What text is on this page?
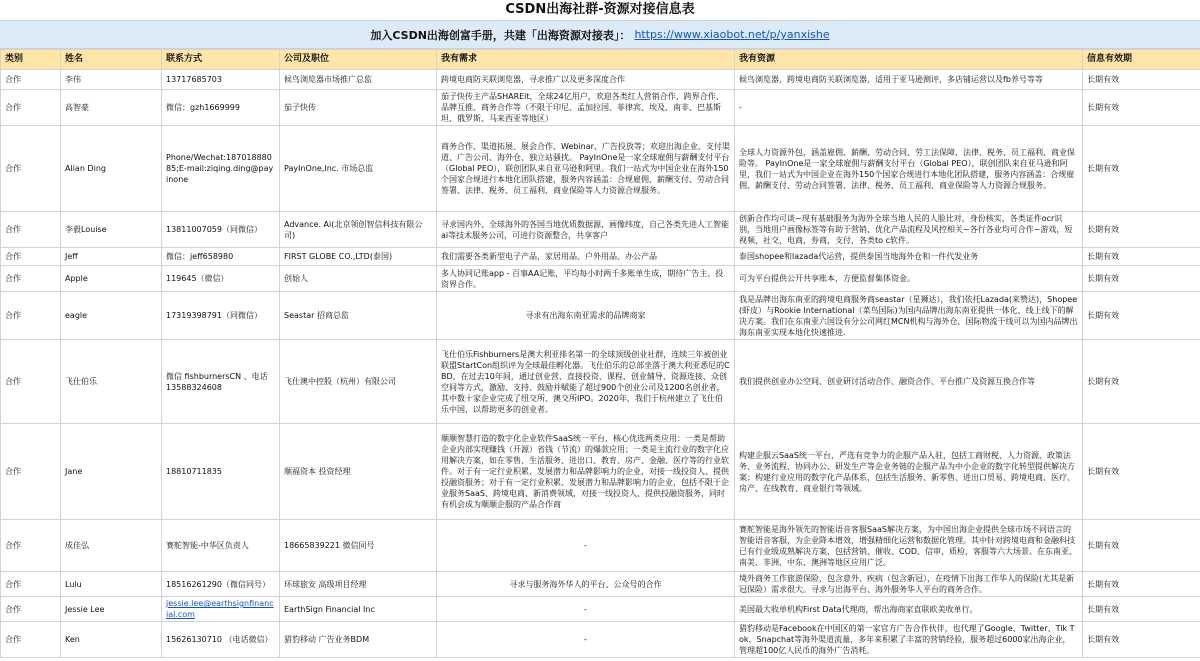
CSDN出海社群-资源对接信息表
加入CSDN出海创富手册，共建「出海资源对接表」： https://www.xiaobot.net/p/yanxishe
类别	姓名	联系方式	公司及职位	我有需求	我有资源	信息有效期
合作	李伟	13717685703	候鸟浏览器市场推广总监	跨境电商防关联浏览器，寻求推广以及更多深度合作	候鸟浏览器，跨境电商防关联浏览器，适用于亚马逊测评，多店铺运营以及fb养号等等	长期有效
合作	高智豪	微信：gzh1669999	茄子快传	茄子快传主产品SHAREit，全球24亿用户，欢迎各类红人营销合作、跨界合作、品牌互推、商务合作等（不限于印尼、孟加拉国、菲律宾、埃及、南非、巴基斯坦、俄罗斯、马来西亚等地区）	-	长期有效
合作	Alian Ding	Phone/Wechat:18701888085;E-mail:ziqing.ding@payinone	PayInOne,Inc. 市场总监	商务合作、渠道拓展、展会合作、Webinar、广告投放等；欢迎出海企业、支付渠道、广告公司、海外仓、独立站骚扰。 PayInOne是一家全球雇佣与薪酬支付平台（Global PEO），联创团队来自亚马逊和阿里。我们一站式为中国企业在海外150个国家合规进行本地化团队搭建，服务内容涵盖：合规雇佣、薪酬支付、劳动合同签署、法律、税务、员工福利、商业保险等人力资源合规服务。	全球人力资源外包，涵盖雇佣、薪酬、劳动合同、劳工法保障、法律、税务、员工福利、商业保险等。 PayInOne是一家全球雇佣与薪酬支付平台（Global PEO），联创团队来自亚马逊和阿里，我们一站式为中国企业在海外150个国家合规进行本地化团队搭建，服务内容涵盖：合规雇佣、薪酬支付、劳动合同签署、法律、税务、员工福利、商业保险等人力资源合规服务。	长期有效
合作	李毅Louise	13811007059（同微信）	Advance. Ai(北京领创智信科技有限公司)	寻求国内外、全球海外的各国当地优质数据源、画像纬度，自己各类先进人工智能ai等技术服务公司，可进行资源整合，共享客户	创新合作均可谈~现有基础服务为海外全球当地人民的人脸比对，身份核实，各类证件ocr识别，当地用户画像标签等有助于营销，优化产品流程及风控相关~各行各业均可合作~游戏，短视频，社交，电商，券商，支付，各类to c软件。	长期有效
合作	Jeff	微信：jeff658980	FIRST GLOBE CO.,LTD(泰国)	我们需要各类新型电子产品，家居用品、户外用品、办公产品	泰国shopee和lazada代运营，提供泰国当地海外仓和一件代发业务	长期有效
合作	Apple	119645（微信）	创始人	多人协同记账app - 百事AA记账，平均每小时两千多账单生成，期待广告主、投资界合作。	可为平台提供公开共享账本，方便监督集体资金。	长期有效
合作	eagle	17319398791（同微信）	Seastar 招商总监	寻求有出海东南亚需求的品牌商家	我是品牌出海东南亚的跨境电商服务商seastar（星狮达），我们依托Lazada(来赞达)，Shopee(虾皮）与Rookie International（菜鸟国际)为国内品牌出海东南亚提供一体化，线上线下的解决方案。我们在东南亚六国设有分公司网红MCN机构与海外仓，国际物流干线可以为国内品牌出海东南亚实现本地化快速推进.	长期有效
合作	飞仕伯乐	微信 fishburnersCN 、电话 13588324608	飞仕澳中控股（杭州）有限公司	飞仕伯乐Fishburners是澳大利亚排名第一的全球顶级创业社群，连续三年被创业联盟StartCon组织评为全球最佳孵化器。飞仕伯乐的总部坐落于澳大利亚悉尼的CBD，在过去10年间，通过创业营、直接投资、课程、创业辅导、资源连接、众创空间等方式，激励、支持、鼓励并赋能了超过900个创业公司及1200名创业者，其中数十家企业完成了纽交所、澳交所IPO。2020年，我们于杭州建立了飞仕伯乐中国，以帮助更多的创业者。	我们提供创业办公空间、创业研讨活动合作、融资合作、平台推广及资源互换合作等	长期有效
合作	Jane	18810711835	顺福资本 投资经理	顺顺智慧打造的数字化企业软件SaaS统一平台，核心优选两类应用：一类是帮助企业内部实现赚钱（开源）省钱（节流）的爆款应用；一类是主流行业的数字化应用解决方案，如在零售、生活服务、进出口、教育、房产、金融、医疗等的行业软件。对于有一定行业积累、发展潜力和品牌影响力的企业，对接一线投资人、提供投融资服务；对于有一定行业积累、发展潜力和品牌影响力的企业，包括不限于企业服务SaaS、跨境电商、新消费领域，对接一线投资人、提供投融资服务，同时有机会成为顺顺企服的产品合作商	构建企服云SaaS统一平台，严选有竞争力的企服产品入驻，包括工商财税、人力资源、政策法务、业务流程、协同办公、研发生产等企业务链的企服产品为中小企业的数字化转型提供解决方案；构建行业应用的数字化产品体系，包括生活服务、新零售、进出口贸易、跨境电商、医疗、房产、在线教育、商业银行等领域。	长期有效
合作	成佳弘	赛舵智能-中华区负责人	18665839221 微信同号	-	赛舵智能是海外领先的智能语音客服SaaS解决方案，为中国出海企业提供全球市场不同语言的智能语音客服，为企业降本增效，增强精细化运营和数据化管理。其中针对跨境电商和金融科技已有行业级成熟解决方案，包括营销、催收、COD、信审、质检，客服等六大场景。在东南亚、南美、非洲、中东、澳洲等地区应用广泛。	长期有效
合作	Lulu	18516261290（微信同号）	环球旅安 高级项目经理	寻求与服务海外华人的平台、公众号的合作	境外商务工作旅游保险，包含意外、疾病（包含新冠），在疫情下出海工作华人的保险(尤其是新冠保险）需求很大。寻求与出海平台、海外服务华人平台的商务合作。	长期有效
合作	Jessie Lee	jessie.lee@earthsignfinancial.com	EarthSign Financial Inc	-	美国最大收单机构First Data代理商，帮出海商家直联欧美收单行。	长期有效
合作	Ken	15626130710 （电话微信）	猎豹移动 广告业务BDM	-	猎豹移动是Facebook在中国区的第一家官方广告合作伙伴，也代理了Google、Twitter、Tik Tok、Snapchat等海外渠道流量，多年来积累了丰富的营销经验，服务超过6000家出海企业，管理超100亿人民币的海外广告消耗。	长期有效
